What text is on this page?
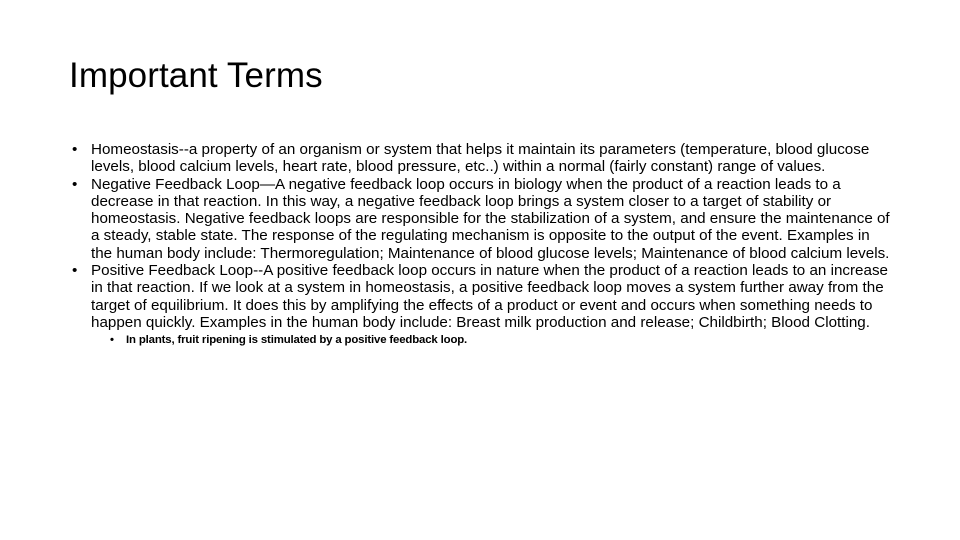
Important Terms
• Homeostasis--a property of an organism or system that helps it maintain its parameters (temperature, blood glucose levels, blood calcium levels, heart rate, blood pressure, etc..) within a normal (fairly constant) range of values.
• Negative Feedback Loop—A negative feedback loop occurs in biology when the product of a reaction leads to a decrease in that reaction. In this way, a negative feedback loop brings a system closer to a target of stability or homeostasis. Negative feedback loops are responsible for the stabilization of a system, and ensure the maintenance of a steady, stable state. The response of the regulating mechanism is opposite to the output of the event. Examples in the human body include: Thermoregulation; Maintenance of blood glucose levels; Maintenance of blood calcium levels.
• Positive Feedback Loop--A positive feedback loop occurs in nature when the product of a reaction leads to an increase in that reaction. If we look at a system in homeostasis, a positive feedback loop moves a system further away from the target of equilibrium. It does this by amplifying the effects of a product or event and occurs when something needs to happen quickly. Examples in the human body include: Breast milk production and release; Childbirth; Blood Clotting.
•	In plants, fruit ripening is stimulated by a positive feedback loop.
